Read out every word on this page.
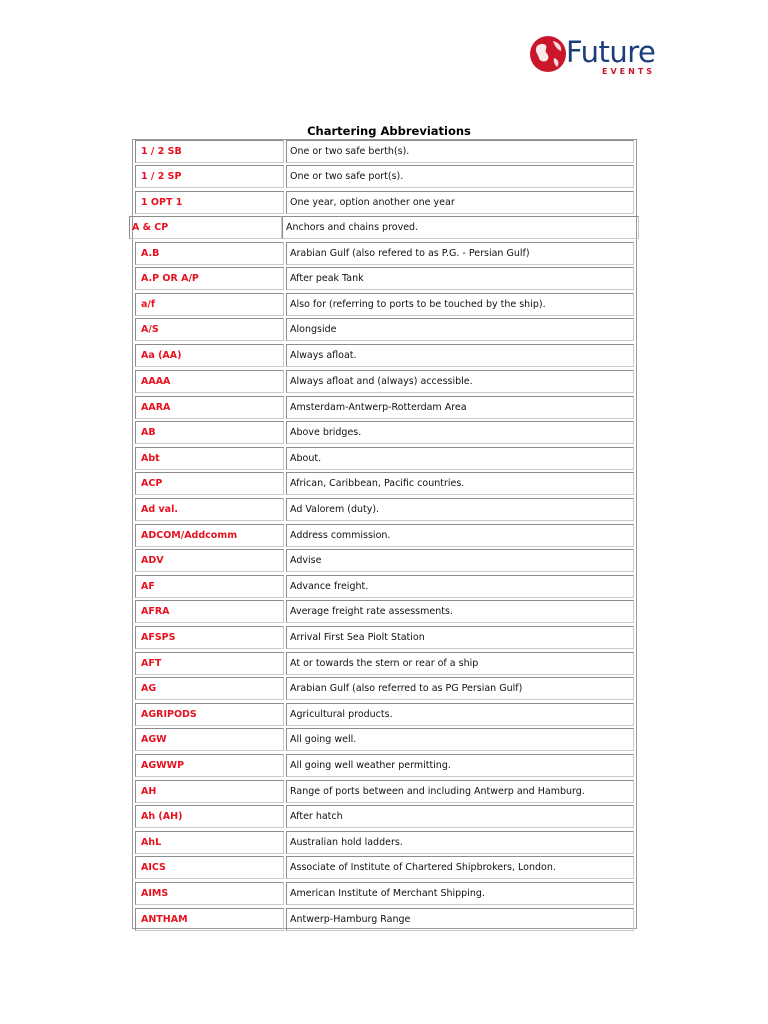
Future
EVENTS
Chartering Abbreviations
1 / 2 SB	One or two safe berth(s).
1 / 2 SP	One or two safe port(s).
1 OPT 1	One year, option another one year
A & CP	Anchors and chains proved.
A.B	Arabian Gulf (also refered to as P.G. - Persian Gulf)
A.P OR A/P	After peak Tank
a/f	Also for (referring to ports to be touched by the ship).
A/S	Alongside
Aa (AA)	Always afloat.
AAAA	Always afloat and (always) accessible.
AARA	Amsterdam-Antwerp-Rotterdam Area
AB	Above bridges.
Abt	About.
ACP	African, Caribbean, Pacific countries.
Ad val.	Ad Valorem (duty).
ADCOM/Addcomm	Address commission.
ADV	Advise
AF	Advance freight.
AFRA	Average freight rate assessments.
AFSPS	Arrival First Sea Piolt Station
AFT	At or towards the stern or rear of a ship
AG	Arabian Gulf (also referred to as PG Persian Gulf)
AGRIPODS	Agricultural products.
AGW	All going well.
AGWWP	All going well weather permitting.
AH	Range of ports between and including Antwerp and Hamburg.
Ah (AH)	After hatch
AhL	Australian hold ladders.
AICS	Associate of Institute of Chartered Shipbrokers, London.
AIMS	American Institute of Merchant Shipping.
ANTHAM	Antwerp-Hamburg Range
